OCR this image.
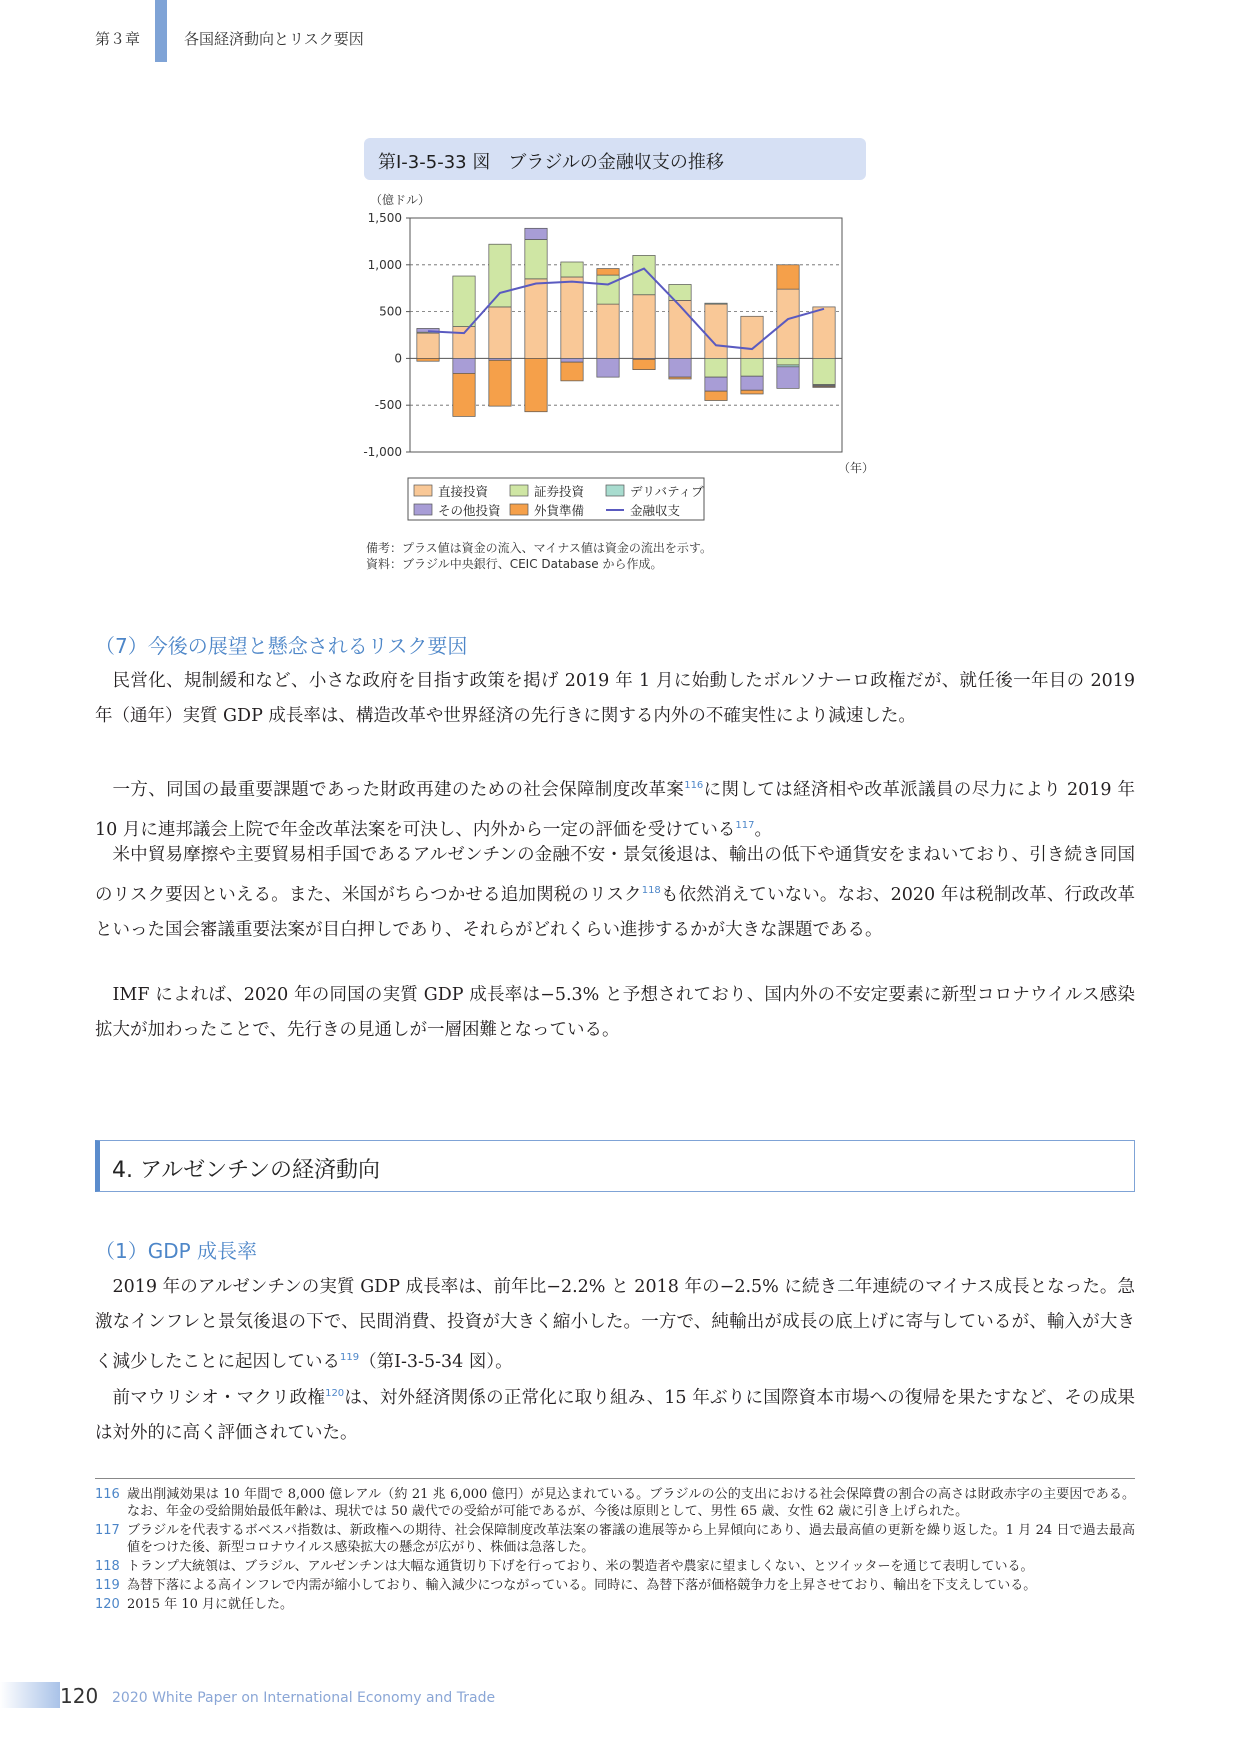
第３章	各国経済動向とリスク要因
第Ⅰ-3-5-33 図　ブラジルの金融収支の推移
1,500
1,000
500
0
-500
-1,000
（億ドル）
（年）
直接投資	証券投資	デリバティブ
その他投資	外貨準備	金融収支
備考：プラス値は資金の流入、マイナス値は資金の流出を示す。
資料：ブラジル中央銀行、CEIC Database から作成。
（7）今後の展望と懸念されるリスク要因

民営化、規制緩和など、小さな政府を目指す政策を掲げ 2019 年 1 月に始動したボルソナーロ政権だが、就任後一年目の 2019 年（通年）実質 GDP 成長率は、構造改革や世界経済の先行きに関する内外の不確実性により減速した。

一方、同国の最重要課題であった財政再建のための社会保障制度改革案$^{116}$に関しては経済相や改革派議員の尽力により 2019 年 10 月に連邦議会上院で年金改革法案を可決し、内外から一定の評価を受けている$^{117}$。

米中貿易摩擦や主要貿易相手国であるアルゼンチンの金融不安・景気後退は、輸出の低下や通貨安をまねいており、引き続き同国のリスク要因といえる。また、米国がちらつかせる追加関税のリスク$^{118}$も依然消えていない。なお、2020 年は税制改革、行政改革といった国会審議重要法案が目白押しであり、それらがどれくらい進捗するかが大きな課題である。

IMF によれば、2020 年の同国の実質 GDP 成長率は−5.3% と予想されており、国内外の不安定要素に新型コロナウイルス感染拡大が加わったことで、先行きの見通しが一層困難となっている。

4. アルゼンチンの経済動向
（1）GDP 成長率

2019 年のアルゼンチンの実質 GDP 成長率は、前年比−2.2% と 2018 年の−2.5% に続き二年連続のマイナス成長となった。急激なインフレと景気後退の下で、民間消費、投資が大きく縮小した。一方で、純輸出が成長の底上げに寄与しているが、輸入が大きく減少したことに起因している$^{119}$（第Ⅰ-3-5-34 図）。

前マウリシオ・マクリ政権$^{120}$は、対外経済関係の正常化に取り組み、15 年ぶりに国際資本市場への復帰を果たすなど、その成果は対外的に高く評価されていた。

116 歳出削減効果は 10 年間で 8,000 億レアル（約 21 兆 6,000 億円）が見込まれている。ブラジルの公的支出における社会保障費の割合の高さは財政赤字の主要因である。なお、年金の受給開始最低年齢は、現状では 50 歳代での受給が可能であるが、今後は原則として、男性 65 歳、女性 62 歳に引き上げられた。
117 ブラジルを代表するボベスパ指数は、新政権への期待、社会保障制度改革法案の審議の進展等から上昇傾向にあり、過去最高値の更新を繰り返した。1 月 24 日で過去最高値をつけた後、新型コロナウイルス感染拡大の懸念が広がり、株価は急落した。
118 トランプ大統領は、ブラジル、アルゼンチンは大幅な通貨切り下げを行っており、米の製造者や農家に望ましくない、とツイッターを通じて表明している。
119 為替下落による高インフレで内需が縮小しており、輸入減少につながっている。同時に、為替下落が価格競争力を上昇させており、輸出を下支えしている。
120 2015 年 10 月に就任した。
120 2020 White Paper on International Economy and Trade
